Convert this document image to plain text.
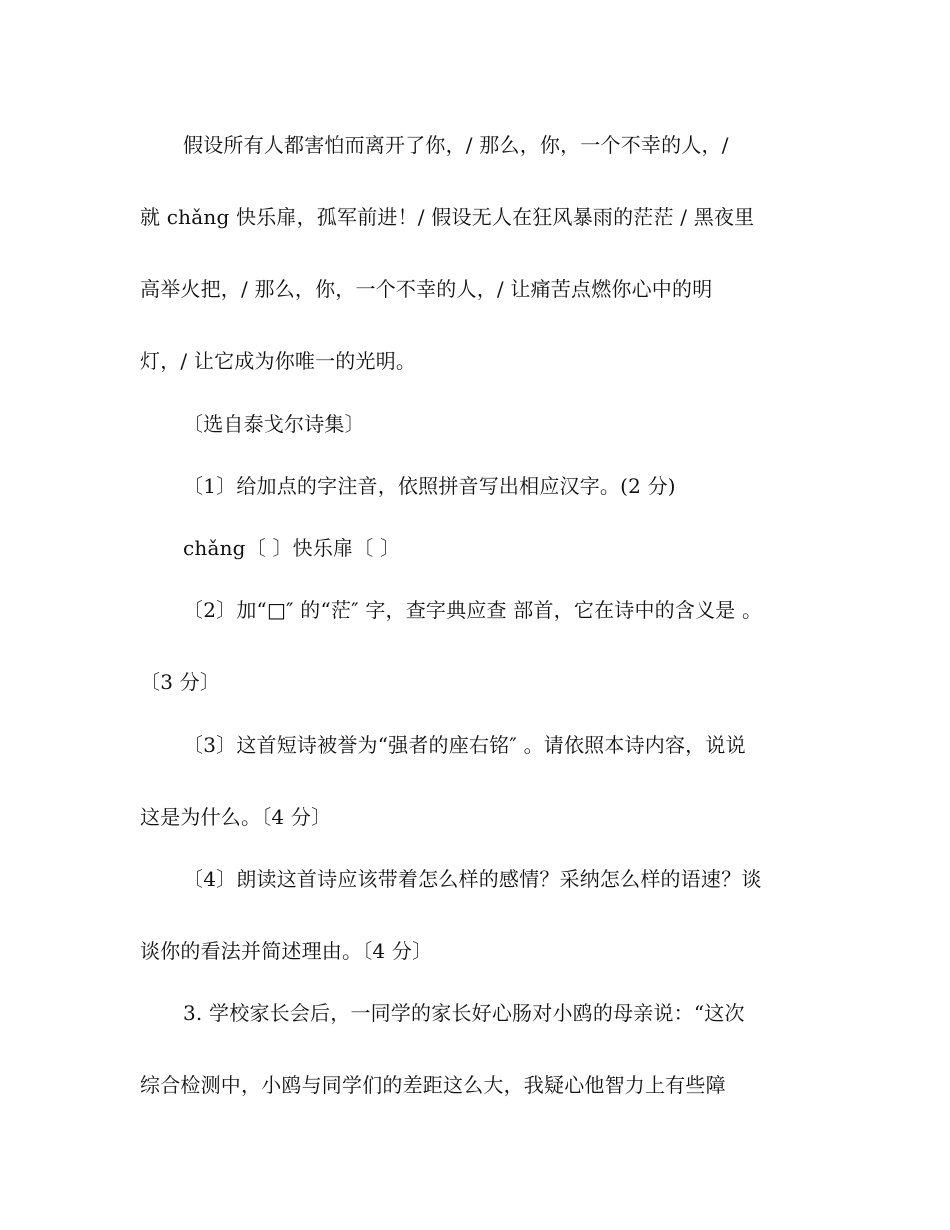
假设所有人都害怕而离开了你，/ 那么，你，一个不幸的人，/
就 chǎng 快乐扉，孤军前进！/ 假设无人在狂风暴雨的茫茫 / 黑夜里
高举火把，/ 那么，你，一个不幸的人，/ 让痛苦点燃你心中的明
灯，/ 让它成为你唯一的光明。
〔选自泰戈尔诗集〕
〔1〕给加点的字注音，依照拼音写出相应汉字。(2 分)
chǎng〔 〕快乐扉〔 〕
〔2〕加“□″ 的“茫″ 字，查字典应查 部首，它在诗中的含义是 。
〔3 分〕
〔3〕这首短诗被誉为“强者的座右铭″ 。请依照本诗内容，说说
这是为什么。〔4 分〕
〔4〕朗读这首诗应该带着怎么样的感情？采纳怎么样的语速？谈
谈你的看法并简述理由。〔4 分〕
3. 学校家长会后，一同学的家长好心肠对小鸥的母亲说：“这次
综合检测中，小鸥与同学们的差距这么大，我疑心他智力上有些障
